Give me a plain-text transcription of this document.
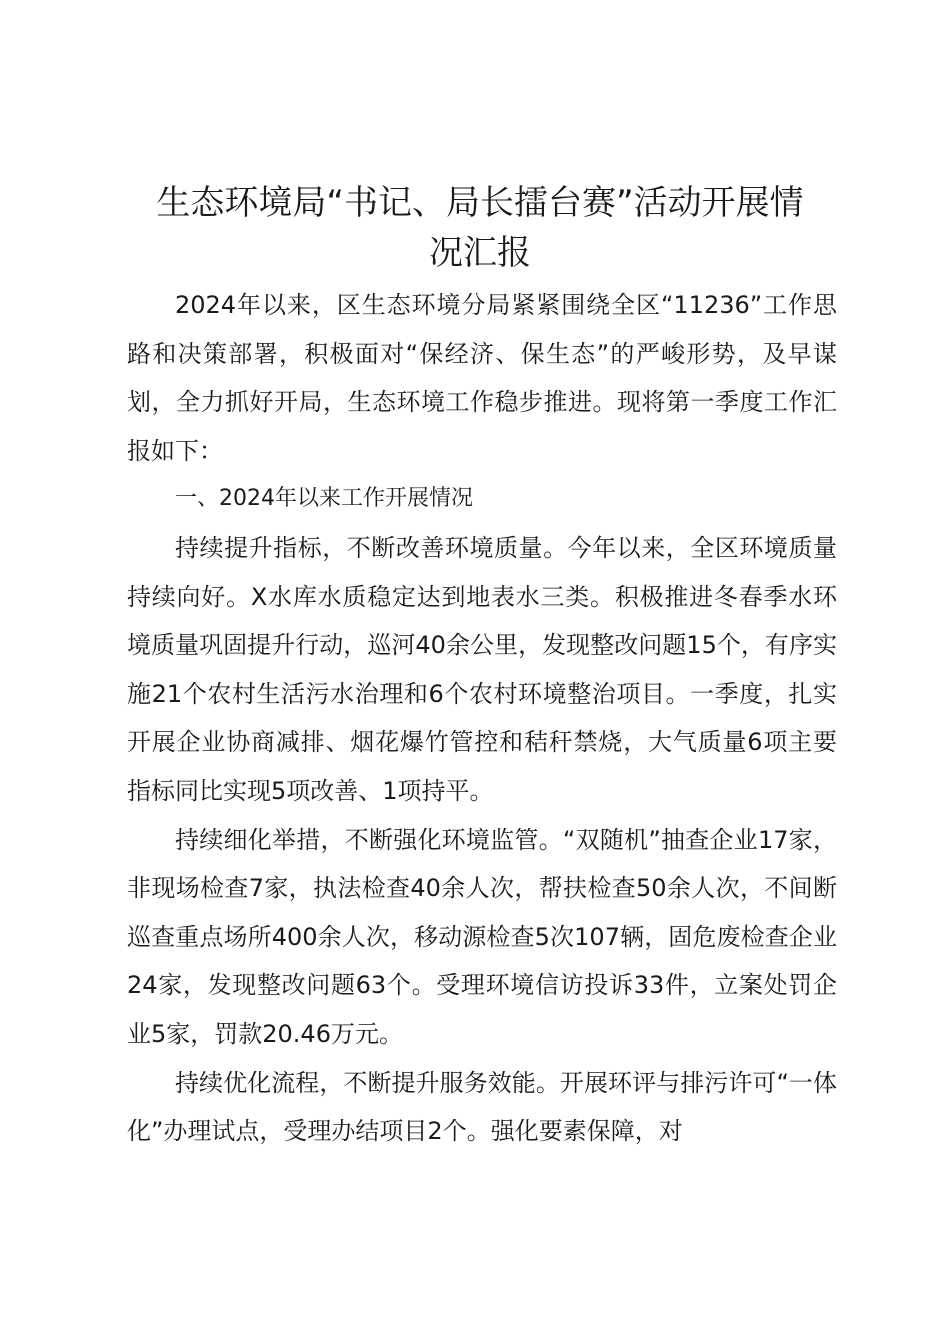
生态环境局“书记、局长擂台赛”活动开展情
况汇报

2024年以来，区生态环境分局紧紧围绕全区“11236”工作思路和决策部署，积极面对“保经济、保生态”的严峻形势，及早谋划，全力抓好开局，生态环境工作稳步推进。现将第一季度工作汇报如下：

一、2024年以来工作开展情况

持续提升指标，不断改善环境质量。今年以来，全区环境质量持续向好。X水库水质稳定达到地表水三类。积极推进冬春季水环境质量巩固提升行动，巡河40余公里，发现整改问题15个，有序实施21个农村生活污水治理和6个农村环境整治项目。一季度，扎实开展企业协商减排、烟花爆竹管控和秸秆禁烧，大气质量6项主要指标同比实现5项改善、1项持平。

持续细化举措，不断强化环境监管。“双随机”抽查企业17家，非现场检查7家，执法检查40余人次，帮扶检查50余人次，不间断巡查重点场所400余人次，移动源检查5次107辆，固危废检查企业24家，发现整改问题63个。受理环境信访投诉33件，立案处罚企业5家，罚款20.46万元。

持续优化流程，不断提升服务效能。开展环评与排污许可“一体化”办理试点，受理办结项目2个。强化要素保障，对
